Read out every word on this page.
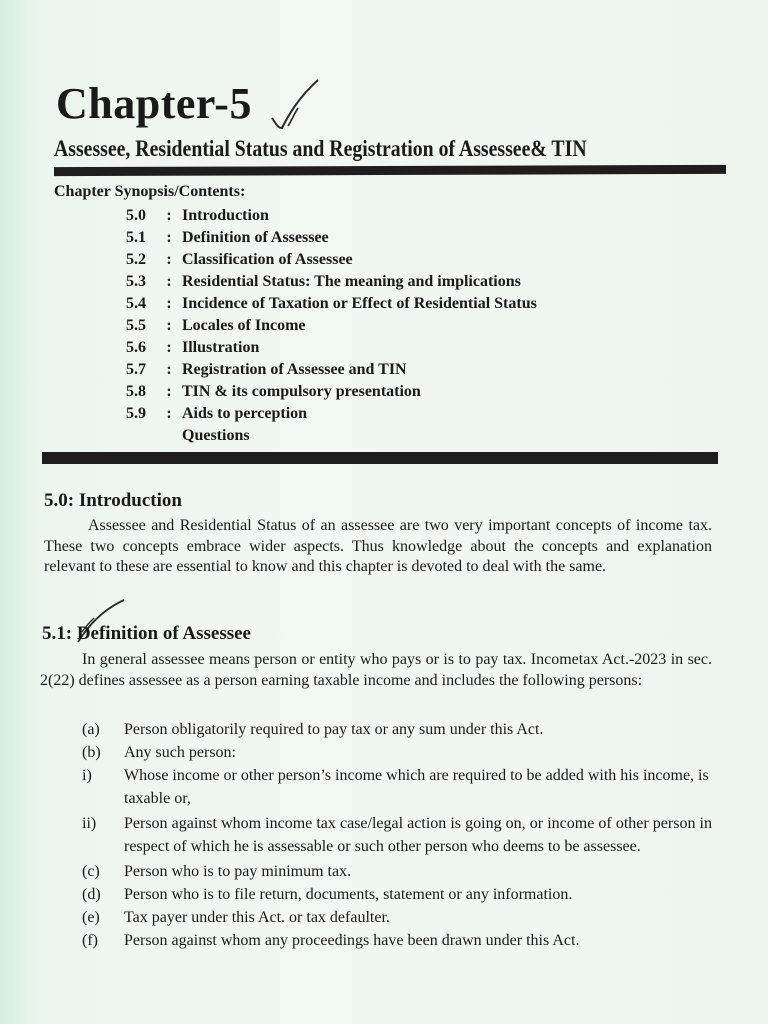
Chapter-5
Assessee, Residential Status and Registration of Assessee& TIN
Chapter Synopsis/Contents:
5.0 : Introduction
5.1 : Definition of Assessee
5.2 : Classification of Assessee
5.3 : Residential Status: The meaning and implications
5.4 : Incidence of Taxation or Effect of Residential Status
5.5 : Locales of Income
5.6 : Illustration
5.7 : Registration of Assessee and TIN
5.8 : TIN & its compulsory presentation
5.9 : Aids to perception
Questions
5.0: Introduction
Assessee and Residential Status of an assessee are two very important concepts of income tax. These two concepts embrace wider aspects. Thus knowledge about the concepts and explanation relevant to these are essential to know and this chapter is devoted to deal with the same.
5.1: Definition of Assessee
In general assessee means person or entity who pays or is to pay tax. Incometax Act.-2023 in sec. 2(22) defines assessee as a person earning taxable income and includes the following persons:
(a) Person obligatorily required to pay tax or any sum under this Act.
(b) Any such person:
i) Whose income or other person’s income which are required to be added with his income, is taxable or,
ii) Person against whom income tax case/legal action is going on, or income of other person in respect of which he is assessable or such other person who deems to be assessee.
(c) Person who is to pay minimum tax.
(d) Person who is to file return, documents, statement or any information.
(e) Tax payer under this Act. or tax defaulter.
(f) Person against whom any proceedings have been drawn under this Act.
